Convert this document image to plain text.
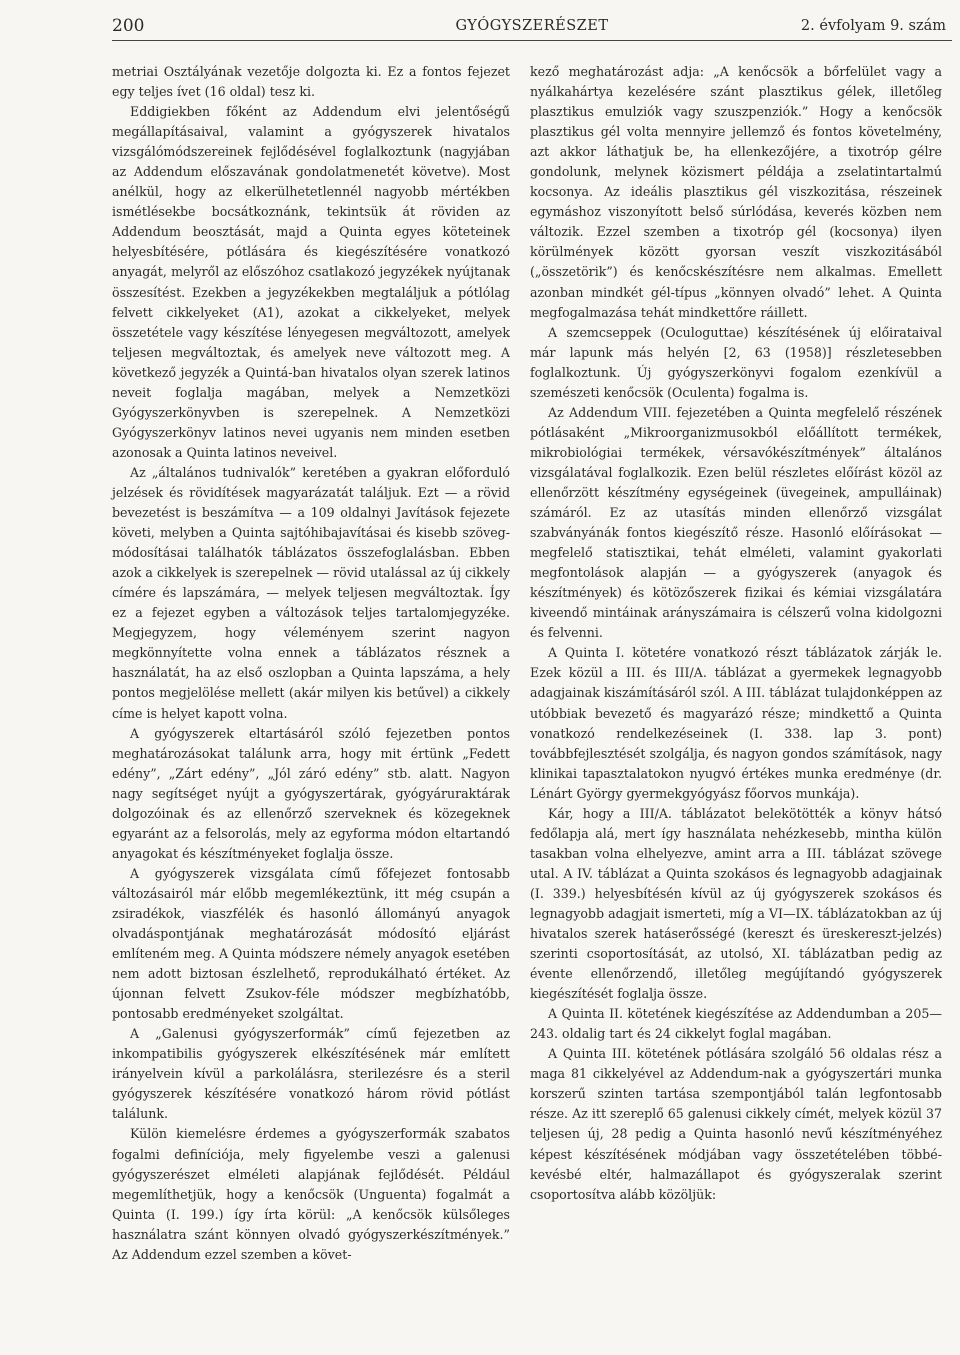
200	GYÓGYSZERÉSZET	2. évfolyam 9. szám

metriai Osztályának vezetője dolgozta ki. Ez a fontos fejezet egy teljes ívet (16 oldal) tesz ki.

Eddigiekben főként az Addendum elvi jelentőségű megállapításaival, valamint a gyógyszerek hivatalos vizsgálómódszereinek fejlődésével foglalkoztunk (nagyjában az Addendum előszavának gondolatmenetét követve). Most anélkül, hogy az elkerülhetetlennél nagyobb mértékben ismétlésekbe bocsátkoznánk, tekintsük át röviden az Addendum beosztását, majd a Quinta egyes köteteinek helyesbítésére, pótlására és kiegészítésére vonatkozó anyagát, melyről az előszóhoz csatlakozó jegyzékek nyújtanak összesítést. Ezekben a jegyzékekben megtaláljuk a pótlólag felvett cikkelyeket (A1), azokat a cikkelyeket, melyek összetétele vagy készítése lényegesen megváltozott, amelyek teljesen megváltoztak, és amelyek neve változott meg. A következő jegyzék a Quintá-ban hivatalos olyan szerek latinos neveit foglalja magában, melyek a Nemzetközi Gyógyszerkönyvben is szerepelnek. A Nemzetközi Gyógyszerkönyv latinos nevei ugyanis nem minden esetben azonosak a Quinta latinos neveivel.

Az „általános tudnivalók” keretében a gyakran előforduló jelzések és rövidítések magyarázatát találjuk. Ezt — a rövid bevezetést is beszámítva — a 109 oldalnyi Javítások fejezete követi, melyben a Quinta sajtóhibajavításai és kisebb szöveg-módosításai találhatók táblázatos összefoglalásban. Ebben azok a cikkelyek is szerepelnek — rövid utalással az új cikkely címére és lapszámára, — melyek teljesen megváltoztak. Így ez a fejezet egyben a változások teljes tartalomjegyzéke. Megjegyzem, hogy véleményem szerint nagyon megkönnyítette volna ennek a táblázatos résznek a használatát, ha az első oszlopban a Quinta lapszáma, a hely pontos megjelölése mellett (akár milyen kis betűvel) a cikkely címe is helyet kapott volna.

A gyógyszerek eltartásáról szóló fejezetben pontos meghatározásokat találunk arra, hogy mit értünk „Fedett edény”, „Zárt edény”, „Jól záró edény” stb. alatt. Nagyon nagy segítséget nyújt a gyógyszertárak, gyógyáruraktárak dolgozóinak és az ellenőrző szerveknek és közegeknek egyaránt az a felsorolás, mely az egyforma módon eltartandó anyagokat és készítményeket foglalja össze.

A gyógyszerek vizsgálata című főfejezet fontosabb változásairól már előbb megemlékeztünk, itt még csupán a zsiradékok, viaszfélék és hasonló állományú anyagok olvadáspontjának meghatározását módosító eljárást említeném meg. A Quinta módszere némely anyagok esetében nem adott biztosan észlelhető, reprodukálható értéket. Az újonnan felvett Zsukov-féle módszer megbízhatóbb, pontosabb eredményeket szolgáltat.

A „Galenusi gyógyszerformák” című fejezetben az inkompatibilis gyógyszerek elkészítésének már említett irányelvein kívül a parkolálásra, sterilezésre és a steril gyógyszerek készítésére vonatkozó három rövid pótlást találunk.

Külön kiemelésre érdemes a gyógyszerformák szabatos fogalmi definíciója, mely figyelembe veszi a galenusi gyógyszerészet elméleti alapjának fejlődését. Például megemlíthetjük, hogy a kenőcsök (Unguenta) fogalmát a Quinta (I. 199.) így írta körül: „A kenőcsök külsőleges használatra szánt könnyen olvadó gyógyszerkészítmények.” Az Addendum ezzel szemben a követ-

kező meghatározást adja: „A kenőcsök a bőrfelület vagy a nyálkahártya kezelésére szánt plasztikus gélek, illetőleg plasztikus emulziók vagy szuszpenziók.” Hogy a kenőcsök plasztikus gél volta mennyire jellemző és fontos követelmény, azt akkor láthatjuk be, ha ellenkezőjére, a tixotróp gélre gondolunk, melynek közismert példája a zselatintartalmú kocsonya. Az ideális plasztikus gél viszkozitása, részeinek egymáshoz viszonyított belső súrlódása, keverés közben nem változik. Ezzel szemben a tixotróp gél (kocsonya) ilyen körülmények között gyorsan veszít viszkozitásából („összetörik”) és kenőcskészítésre nem alkalmas. Emellett azonban mindkét gél-típus „könnyen olvadó” lehet. A Quinta megfogalmazása tehát mindkettőre ráillett.

A szemcseppek (Oculoguttae) készítésének új előirataival már lapunk más helyén [2, 63 (1958)] részletesebben foglalkoztunk. Új gyógyszerkönyvi fogalom ezenkívül a szemészeti kenőcsök (Oculenta) fogalma is.

Az Addendum VIII. fejezetében a Quinta megfelelő részének pótlásaként „Mikroorganizmusokból előállított termékek, mikrobiológiai termékek, vérsavókészítmények” általános vizsgálatával foglalkozik. Ezen belül részletes előírást közöl az ellenőrzött készítmény egységeinek (üvegeinek, ampulláinak) számáról. Ez az utasítás minden ellenőrző vizsgálat szabványánák fontos kiegészítő része. Hasonló előírásokat — megfelelő statisztikai, tehát elméleti, valamint gyakorlati megfontolások alapján — a gyógyszerek (anyagok és készítmények) és kötözőszerek fizikai és kémiai vizsgálatára kiveendő mintáinak arányszámaira is célszerű volna kidolgozni és felvenni.

A Quinta I. kötetére vonatkozó részt táblázatok zárják le. Ezek közül a III. és III/A. táblázat a gyermekek legnagyobb adagjainak kiszámításáról szól. A III. táblázat tulajdonképpen az utóbbiak bevezető és magyarázó része; mindkettő a Quinta vonatkozó rendelkezéseinek (I. 338. lap 3. pont) továbbfejlesztését szolgálja, és nagyon gondos számítások, nagy klinikai tapasztalatokon nyugvó értékes munka eredménye (dr. Lénárt György gyermekgyógyász főorvos munkája).

Kár, hogy a III/A. táblázatot belekötötték a könyv hátsó fedőlapja alá, mert így használata nehézkesebb, mintha külön tasakban volna elhelyezve, amint arra a III. táblázat szövege utal. A IV. táblázat a Quinta szokásos és legnagyobb adagjainak (I. 339.) helyesbítésén kívül az új gyógyszerek szokásos és legnagyobb adagjait ismerteti, míg a VI—IX. táblázatokban az új hivatalos szerek hatáserősségé (kereszt és üreskereszt-jelzés) szerinti csoportosítását, az utolsó, XI. táblázatban pedig az évente ellenőrzendő, illetőleg megújítandó gyógyszerek kiegészítését foglalja össze.

A Quinta II. kötetének kiegészítése az Addendumban a 205—243. oldalig tart és 24 cikkelyt foglal magában.

A Quinta III. kötetének pótlására szolgáló 56 oldalas rész a maga 81 cikkelyével az Addendum-nak a gyógyszertári munka korszerű szinten tartása szempontjából talán legfontosabb része. Az itt szereplő 65 galenusi cikkely címét, melyek közül 37 teljesen új, 28 pedig a Quinta hasonló nevű készítményéhez képest készítésének módjában vagy összetételében többé-kevésbé eltér, halmazállapot és gyógyszeralak szerint csoportosítva alább közöljük:
